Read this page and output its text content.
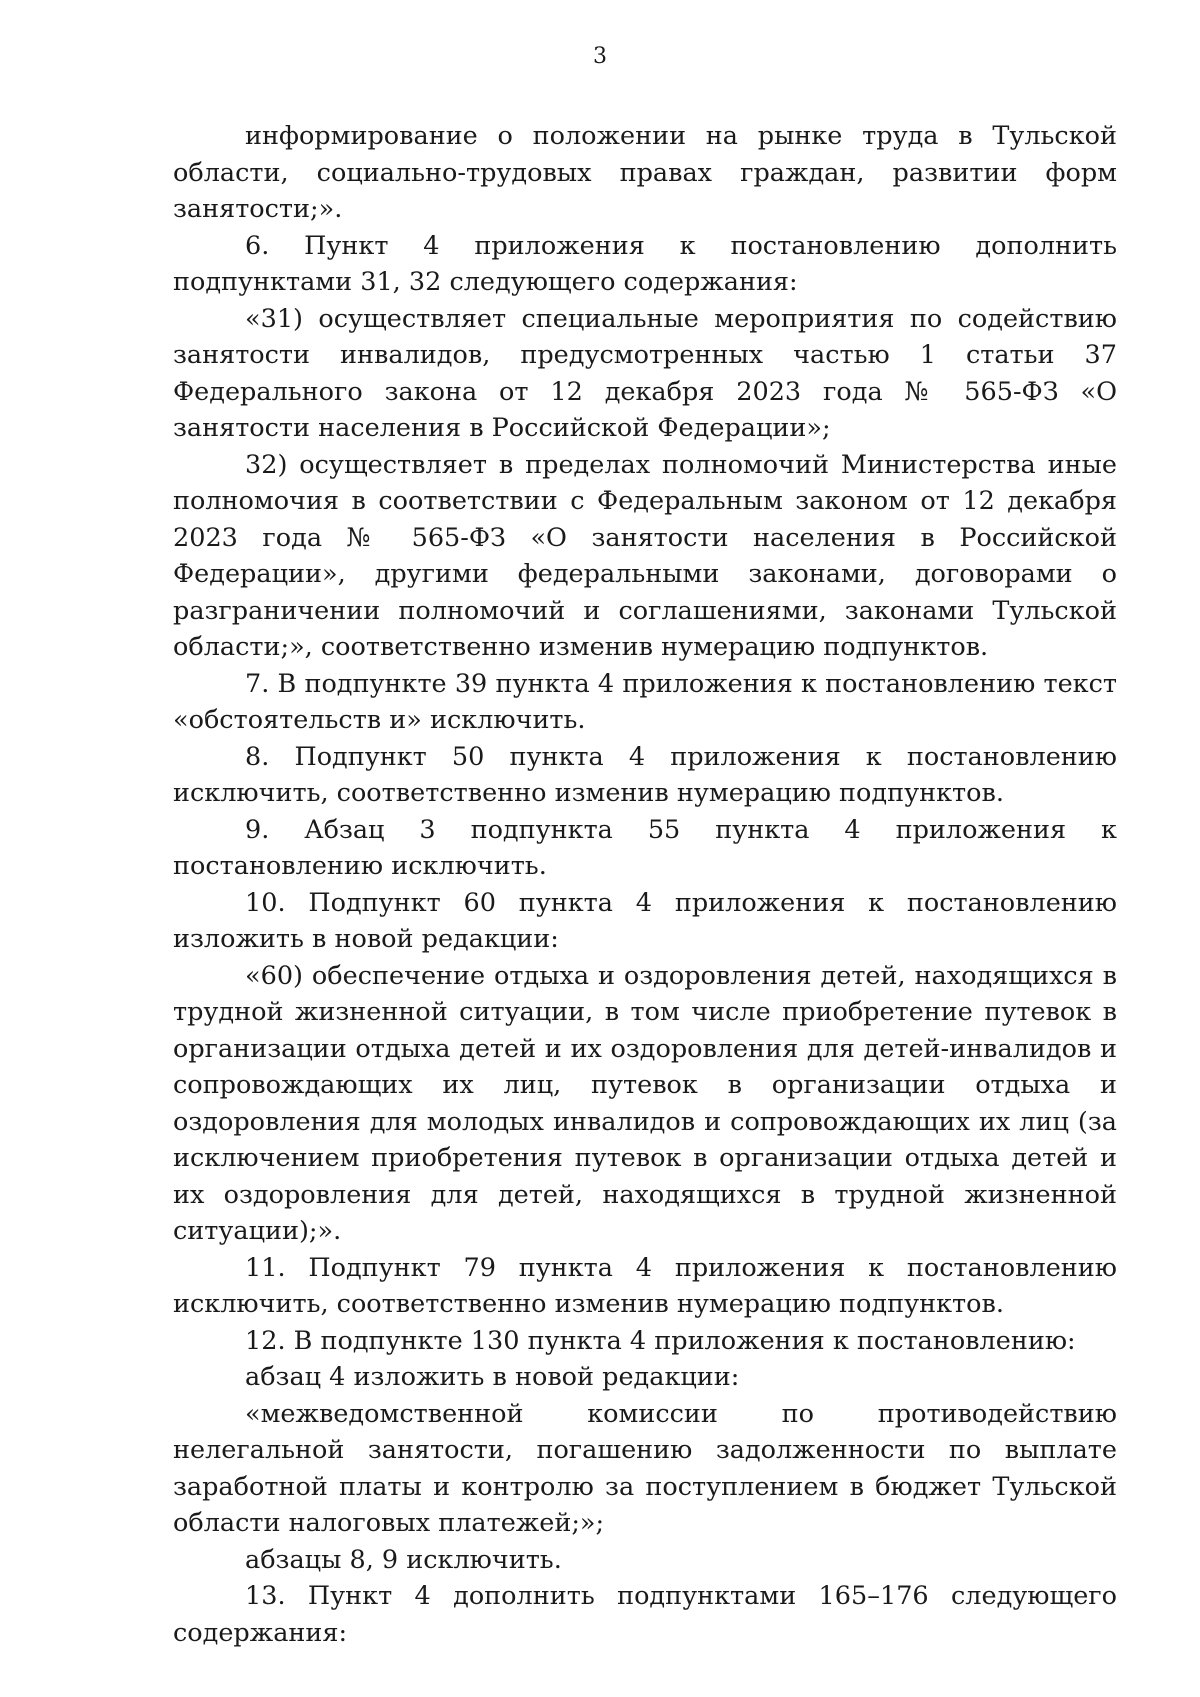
3

информирование о положении на рынке труда в Тульской области, социально-трудовых правах граждан, развитии форм занятости;».

6. Пункт 4 приложения к постановлению дополнить подпунктами 31, 32 следующего содержания:

«31) осуществляет специальные мероприятия по содействию занятости инвалидов, предусмотренных частью 1 статьи 37 Федерального закона от 12 декабря 2023 года № 565-ФЗ «О занятости населения в Российской Федерации»;

32) осуществляет в пределах полномочий Министерства иные полномочия в соответствии с Федеральным законом от 12 декабря 2023 года № 565-ФЗ «О занятости населения в Российской Федерации», другими федеральными законами, договорами о разграничении полномочий и соглашениями, законами Тульской области;», соответственно изменив нумерацию подпунктов.

7. В подпункте 39 пункта 4 приложения к постановлению текст «обстоятельств и» исключить.

8. Подпункт 50 пункта 4 приложения к постановлению исключить, соответственно изменив нумерацию подпунктов.

9. Абзац 3 подпункта 55 пункта 4 приложения к постановлению исключить.

10. Подпункт 60 пункта 4 приложения к постановлению изложить в новой редакции:

«60) обеспечение отдыха и оздоровления детей, находящихся в трудной жизненной ситуации, в том числе приобретение путевок в организации отдыха детей и их оздоровления для детей-инвалидов и сопровождающих их лиц, путевок в организации отдыха и оздоровления для молодых инвалидов и сопровождающих их лиц (за исключением приобретения путевок в организации отдыха детей и их оздоровления для детей, находящихся в трудной жизненной ситуации);».

11. Подпункт 79 пункта 4 приложения к постановлению исключить, соответственно изменив нумерацию подпунктов.

12. В подпункте 130 пункта 4 приложения к постановлению:

абзац 4 изложить в новой редакции:

«межведомственной комиссии по противодействию нелегальной занятости, погашению задолженности по выплате заработной платы и контролю за поступлением в бюджет Тульской области налоговых платежей;»;

абзацы 8, 9 исключить.

13. Пункт 4 дополнить подпунктами 165–176 следующего содержания:
